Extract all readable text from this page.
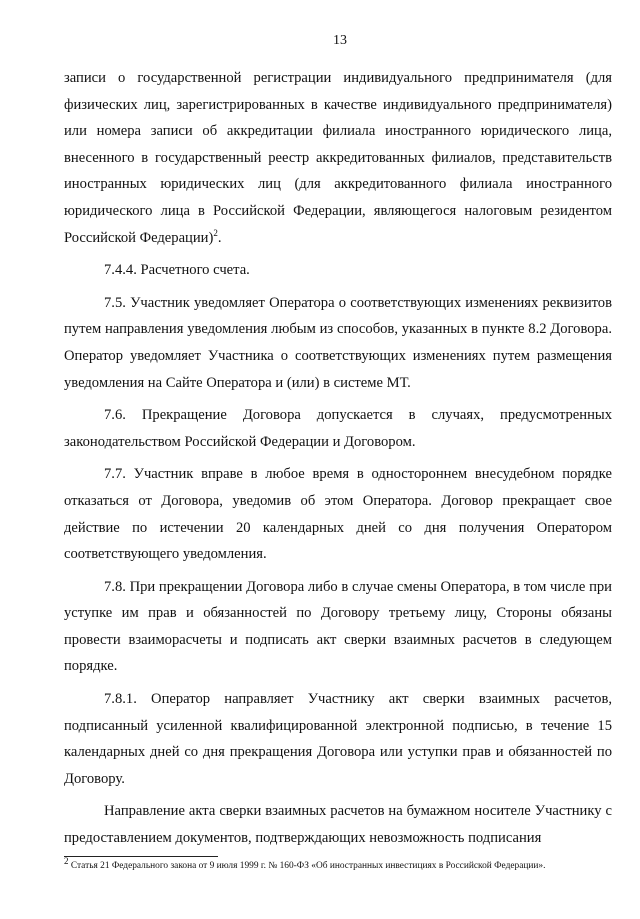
13

записи о государственной регистрации индивидуального предпринимателя (для физических лиц, зарегистрированных в качестве индивидуального предпринимателя) или номера записи об аккредитации филиала иностранного юридического лица, внесенного в государственный реестр аккредитованных филиалов, представительств иностранных юридических лиц (для аккредитованного филиала иностранного юридического лица в Российской Федерации, являющегося налоговым резидентом Российской Федерации)$^2$.

7.4.4. Расчетного счета.

7.5. Участник уведомляет Оператора о соответствующих изменениях реквизитов путем направления уведомления любым из способов, указанных в пункте 8.2 Договора. Оператор уведомляет Участника о соответствующих изменениях путем размещения уведомления на Сайте Оператора и (или) в системе МТ.

7.6. Прекращение Договора допускается в случаях, предусмотренных законодательством Российской Федерации и Договором.

7.7. Участник вправе в любое время в одностороннем внесудебном порядке отказаться от Договора, уведомив об этом Оператора. Договор прекращает свое действие по истечении 20 календарных дней со дня получения Оператором соответствующего уведомления.

7.8. При прекращении Договора либо в случае смены Оператора, в том числе при уступке им прав и обязанностей по Договору третьему лицу, Стороны обязаны провести взаиморасчеты и подписать акт сверки взаимных расчетов в следующем порядке.

7.8.1. Оператор направляет Участнику акт сверки взаимных расчетов, подписанный усиленной квалифицированной электронной подписью, в течение 15 календарных дней со дня прекращения Договора или уступки прав и обязанностей по Договору.

Направление акта сверки взаимных расчетов на бумажном носителе Участнику с предоставлением документов, подтверждающих невозможность подписания

$^2$ Статья 21 Федерального закона от 9 июля 1999 г. № 160-ФЗ «Об иностранных инвестициях в Российской Федерации».
